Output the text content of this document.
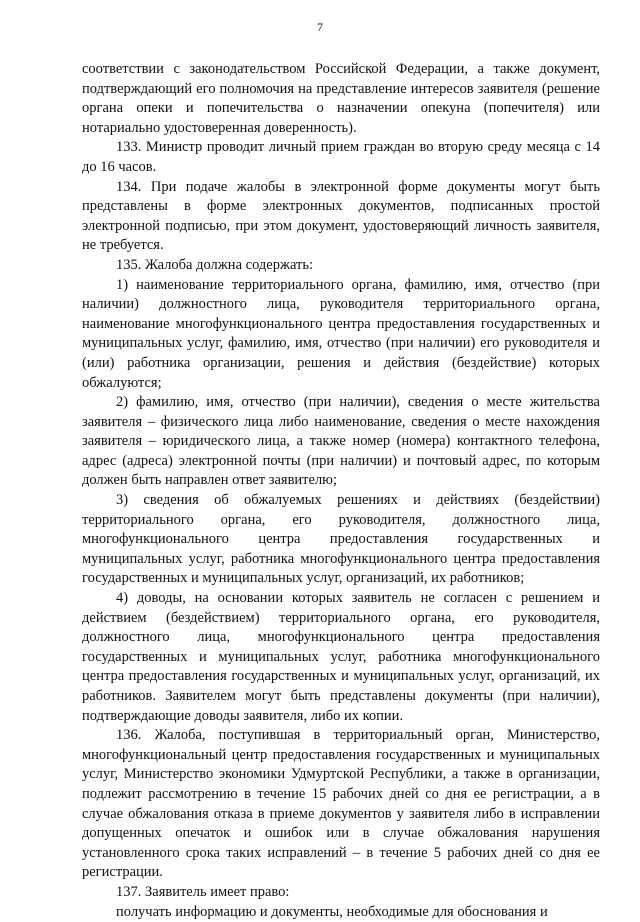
7

соответствии с законодательством Российской Федерации, а также документ, подтверждающий его полномочия на представление интересов заявителя (решение органа опеки и попечительства о назначении опекуна (попечителя) или нотариально удостоверенная доверенность).

133. Министр проводит личный прием граждан во вторую среду месяца с 14 до 16 часов.

134. При подаче жалобы в электронной форме документы могут быть представлены в форме электронных документов, подписанных простой электронной подписью, при этом документ, удостоверяющий личность заявителя, не требуется.

135. Жалоба должна содержать:

1) наименование территориального органа, фамилию, имя, отчество (при наличии) должностного лица, руководителя территориального органа, наименование многофункционального центра предоставления государственных и муниципальных услуг, фамилию, имя, отчество (при наличии) его руководителя и (или) работника организации, решения и действия (бездействие) которых обжалуются;

2) фамилию, имя, отчество (при наличии), сведения о месте жительства заявителя – физического лица либо наименование, сведения о месте нахождения заявителя – юридического лица, а также номер (номера) контактного телефона, адрес (адреса) электронной почты (при наличии) и почтовый адрес, по которым должен быть направлен ответ заявителю;

3) сведения об обжалуемых решениях и действиях (бездействии) территориального органа, его руководителя, должностного лица, многофункционального центра предоставления государственных и муниципальных услуг, работника многофункционального центра предоставления государственных и муниципальных услуг, организаций, их работников;

4) доводы, на основании которых заявитель не согласен с решением и действием (бездействием) территориального органа, его руководителя, должностного лица, многофункционального центра предоставления государственных и муниципальных услуг, работника многофункционального центра предоставления государственных и муниципальных услуг, организаций, их работников. Заявителем могут быть представлены документы (при наличии), подтверждающие доводы заявителя, либо их копии.

136. Жалоба, поступившая в территориальный орган, Министерство, многофункциональный центр предоставления государственных и муниципальных услуг, Министерство экономики Удмуртской Республики, а также в организации, подлежит рассмотрению в течение 15 рабочих дней со дня ее регистрации, а в случае обжалования отказа в приеме документов у заявителя либо в исправлении допущенных опечаток и ошибок или в случае обжалования нарушения установленного срока таких исправлений – в течение 5 рабочих дней со дня ее регистрации.

137. Заявитель имеет право:

получать информацию и документы, необходимые для обоснования и
